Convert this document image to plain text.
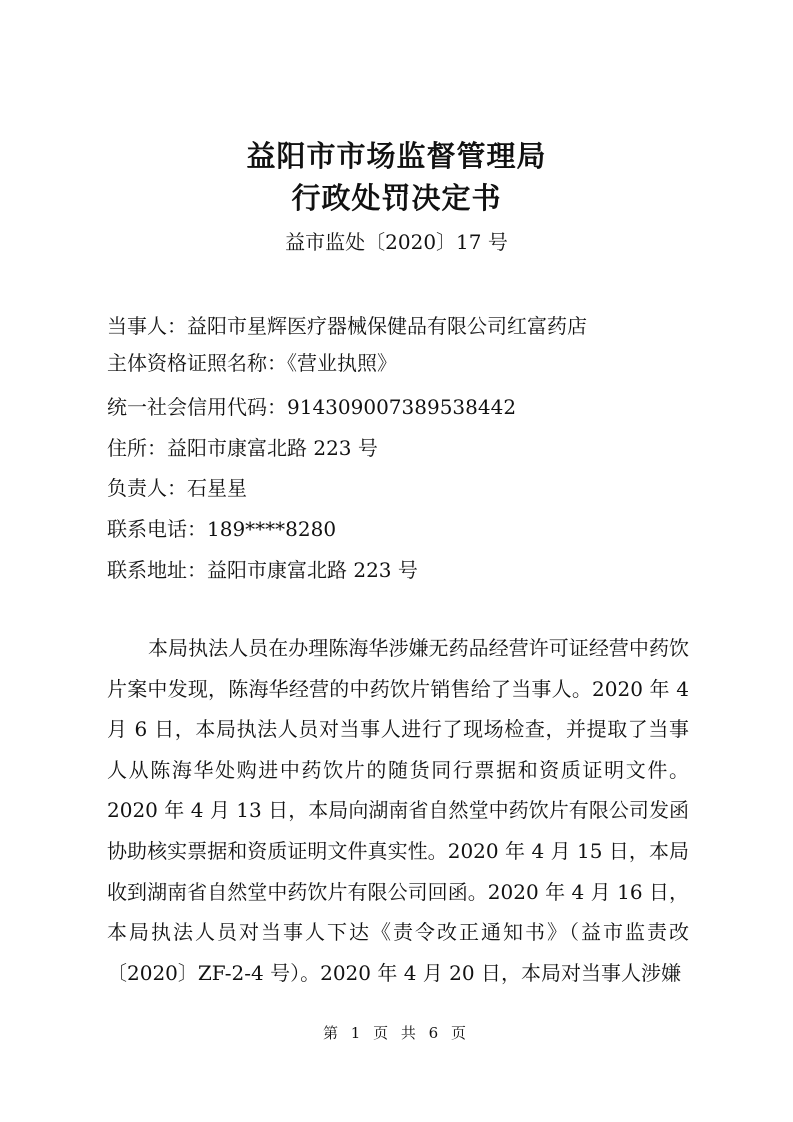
益阳市市场监督管理局
行政处罚决定书
益市监处〔2020〕17 号
当事人：益阳市星辉医疗器械保健品有限公司红富药店
主体资格证照名称：《营业执照》
统一社会信用代码：914309007389538442
住所：益阳市康富北路 223 号
负责人：石星星
联系电话：189****8280
联系地址：益阳市康富北路 223 号

本局执法人员在办理陈海华涉嫌无药品经营许可证经营中药饮片案中发现，陈海华经营的中药饮片销售给了当事人。2020 年 4 月 6 日，本局执法人员对当事人进行了现场检查，并提取了当事人从陈海华处购进中药饮片的随货同行票据和资质证明文件。2020 年 4 月 13 日，本局向湖南省自然堂中药饮片有限公司发函协助核实票据和资质证明文件真实性。2020 年 4 月 15 日，本局收到湖南省自然堂中药饮片有限公司回函。2020 年 4 月 16 日，本局执法人员对当事人下达《责令改正通知书》（益市监责改〔2020〕ZF-2-4 号）。2020 年 4 月 20 日，本局对当事人涉嫌

第 1 页 共 6 页
